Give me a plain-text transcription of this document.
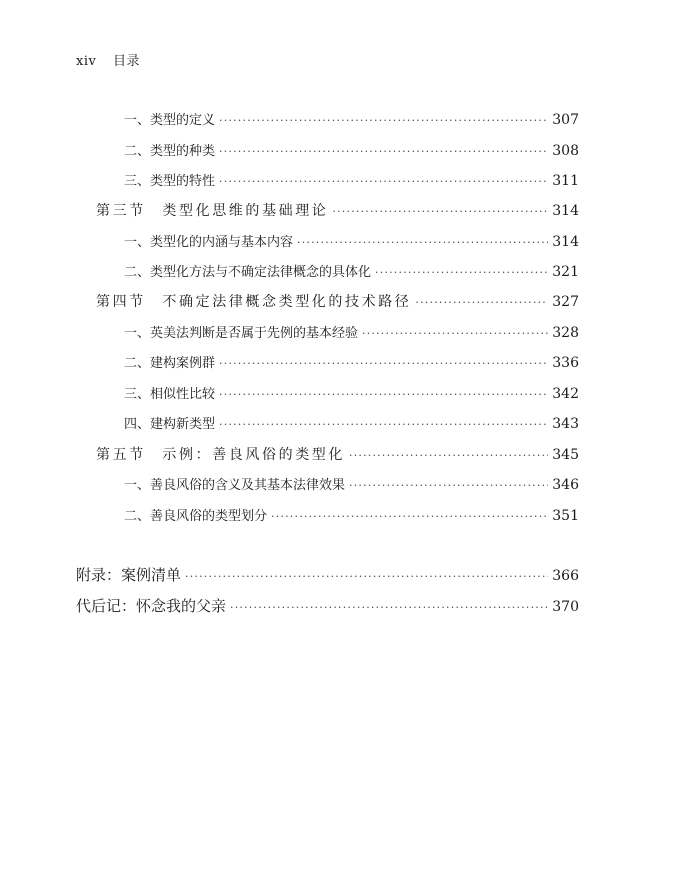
xiv 目录
一、类型的定义 ·····	307
二、类型的种类 ·····	308
三、类型的特性 ·····	311
第三节　类型化思维的基础理论 ·····	314
一、类型化的内涵与基本内容 ·····	314
二、类型化方法与不确定法律概念的具体化 ·····	321
第四节　不确定法律概念类型化的技术路径 ·····	327
一、英美法判断是否属于先例的基本经验 ·····	328
二、建构案例群 ·····	336
三、相似性比较 ·····	342
四、建构新类型 ·····	343
第五节　示例：善良风俗的类型化 ·····	345
一、善良风俗的含义及其基本法律效果 ·····	346
二、善良风俗的类型划分 ·····	351
附录：案例清单 ·····	366
代后记：怀念我的父亲 ·····	370
